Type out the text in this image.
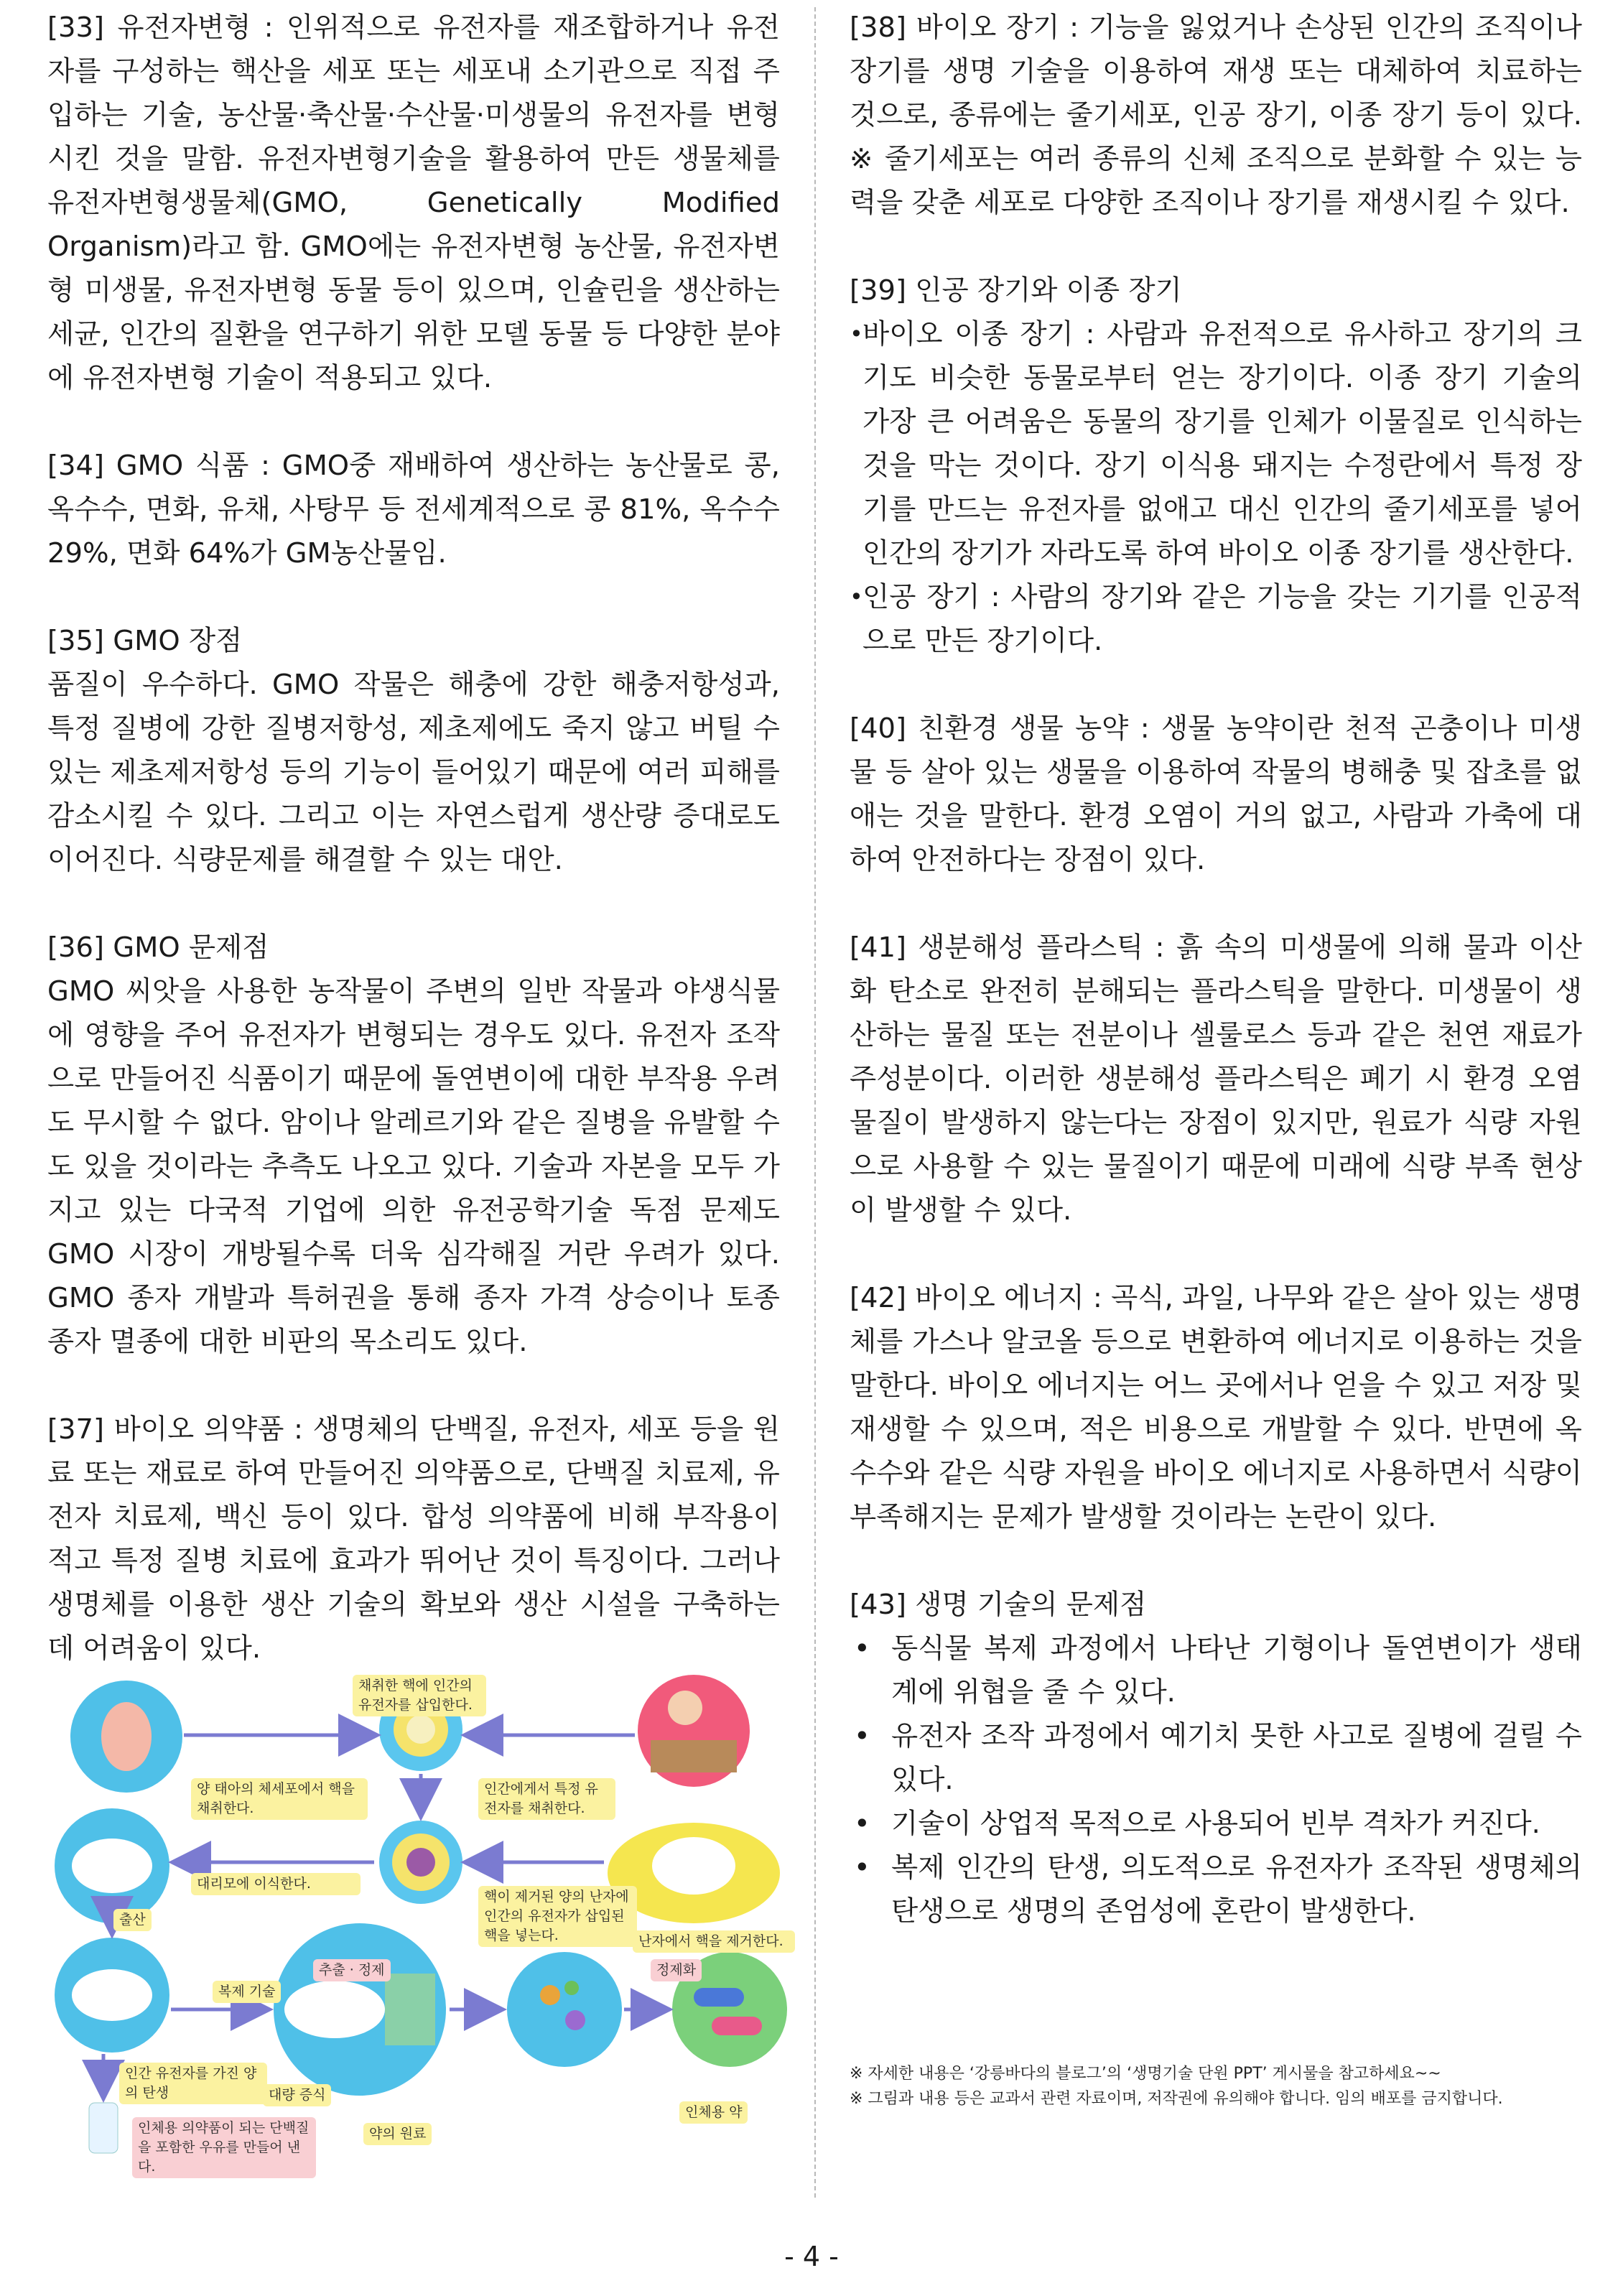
[33] 유전자변형 : 인위적으로 유전자를 재조합하거나 유전자를 구성하는 핵산을 세포 또는 세포내 소기관으로 직접 주입하는 기술, 농산물·축산물·수산물·미생물의 유전자를 변형시킨 것을 말함. 유전자변형기술을 활용하여 만든 생물체를 유전자변형생물체(GMO, Genetically Modified Organism)라고 함. GMO에는 유전자변형 농산물, 유전자변형 미생물, 유전자변형 동물 등이 있으며, 인슐린을 생산하는 세균, 인간의 질환을 연구하기 위한 모델 동물 등 다양한 분야에 유전자변형 기술이 적용되고 있다.

[34] GMO 식품 : GMO중 재배하여 생산하는 농산물로 콩, 옥수수, 면화, 유채, 사탕무 등 전세계적으로 콩 81%, 옥수수 29%, 면화 64%가 GM농산물임.

[35] GMO 장점

품질이 우수하다. GMO 작물은 해충에 강한 해충저항성과, 특정 질병에 강한 질병저항성, 제초제에도 죽지 않고 버틸 수 있는 제초제저항성 등의 기능이 들어있기 때문에 여러 피해를 감소시킬 수 있다. 그리고 이는 자연스럽게 생산량 증대로도 이어진다. 식량문제를 해결할 수 있는 대안.

[36] GMO 문제점

GMO 씨앗을 사용한 농작물이 주변의 일반 작물과 야생식물에 영향을 주어 유전자가 변형되는 경우도 있다. 유전자 조작으로 만들어진 식품이기 때문에 돌연변이에 대한 부작용 우려도 무시할 수 없다. 암이나 알레르기와 같은 질병을 유발할 수도 있을 것이라는 추측도 나오고 있다. 기술과 자본을 모두 가지고 있는 다국적 기업에 의한 유전공학기술 독점 문제도 GMO 시장이 개방될수록 더욱 심각해질 거란 우려가 있다. GMO 종자 개발과 특허권을 통해 종자 가격 상승이나 토종 종자 멸종에 대한 비판의 목소리도 있다.

[37] 바이오 의약품 : 생명체의 단백질, 유전자, 세포 등을 원료 또는 재료로 하여 만들어진 의약품으로, 단백질 치료제, 유전자 치료제, 백신 등이 있다. 합성 의약품에 비해 부작용이 적고 특정 질병 치료에 효과가 뛰어난 것이 특징이다. 그러나 생명체를 이용한 생산 기술의 확보와 생산 시설을 구축하는 데 어려움이 있다.

[38] 바이오 장기 : 기능을 잃었거나 손상된 인간의 조직이나 장기를 생명 기술을 이용하여 재생 또는 대체하여 치료하는 것으로, 종류에는 줄기세포, 인공 장기, 이종 장기 등이 있다. ※ 줄기세포는 여러 종류의 신체 조직으로 분화할 수 있는 능력을 갖춘 세포로 다양한 조직이나 장기를 재생시킬 수 있다.

[39] 인공 장기와 이종 장기

• 바이오 이종 장기 : 사람과 유전적으로 유사하고 장기의 크기도 비슷한 동물로부터 얻는 장기이다. 이종 장기 기술의 가장 큰 어려움은 동물의 장기를 인체가 이물질로 인식하는 것을 막는 것이다. 장기 이식용 돼지는 수정란에서 특정 장기를 만드는 유전자를 없애고 대신 인간의 줄기세포를 넣어 인간의 장기가 자라도록 하여 바이오 이종 장기를 생산한다.

• 인공 장기 : 사람의 장기와 같은 기능을 갖는 기기를 인공적으로 만든 장기이다.

[40] 친환경 생물 농약 : 생물 농약이란 천적 곤충이나 미생물 등 살아 있는 생물을 이용하여 작물의 병해충 및 잡초를 없애는 것을 말한다. 환경 오염이 거의 없고, 사람과 가축에 대하여 안전하다는 장점이 있다.

[41] 생분해성 플라스틱 : 흙 속의 미생물에 의해 물과 이산화 탄소로 완전히 분해되는 플라스틱을 말한다. 미생물이 생산하는 물질 또는 전분이나 셀룰로스 등과 같은 천연 재료가 주성분이다. 이러한 생분해성 플라스틱은 폐기 시 환경 오염 물질이 발생하지 않는다는 장점이 있지만, 원료가 식량 자원으로 사용할 수 있는 물질이기 때문에 미래에 식량 부족 현상이 발생할 수 있다.

[42] 바이오 에너지 : 곡식, 과일, 나무와 같은 살아 있는 생명체를 가스나 알코올 등으로 변환하여 에너지로 이용하는 것을 말한다. 바이오 에너지는 어느 곳에서나 얻을 수 있고 저장 및 재생할 수 있으며, 적은 비용으로 개발할 수 있다. 반면에 옥수수와 같은 식량 자원을 바이오 에너지로 사용하면서 식량이 부족해지는 문제가 발생할 것이라는 논란이 있다.

[43] 생명 기술의 문제점

• 동식물 복제 과정에서 나타난 기형이나 돌연변이가 생태계에 위협을 줄 수 있다.

• 유전자 조작 과정에서 예기치 못한 사고로 질병에 걸릴 수 있다.

• 기술이 상업적 목적으로 사용되어 빈부 격차가 커진다.

• 복제 인간의 탄생, 의도적으로 유전자가 조작된 생명체의 탄생으로 생명의 존엄성에 혼란이 발생한다.

※ 자세한 내용은 ‘강릉바다의 블로그’의 ‘생명기술 단원 PPT’ 게시물을 참고하세요~~
※ 그림과 내용 등은 교과서 관련 자료이며, 저작권에 유의해야 합니다. 임의 배포를 금지합니다.
채취한 핵에 인간의 유전자를 삽입한다.
양 태아의 체세포에서 핵을 채취한다.
인간에게서 특정 유전자를 채취한다.
대리모에 이식한다.
핵이 제거된 양의 난자에 인간의 유전자가 삽입된 핵을 넣는다.	난자에서 핵을 제거한다.
출산
복제 기술
추출 · 정제	정제화
인간 유전자를 가진 양의 탄생	대량 증식
인체용 의약품이 되는 단백질을 포함한 우유를 만들어 낸다.
약의 원료
인체용 약
- 4 -
